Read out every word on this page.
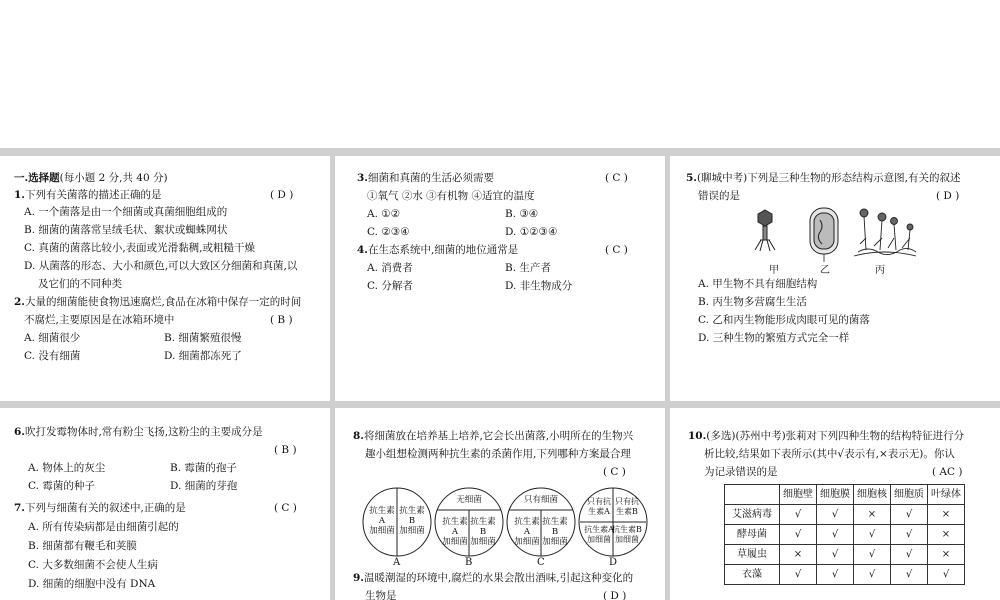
一.选择题(每小题 2 分,共 40 分)
1.下列有关菌落的描述正确的是	( D )
A. 一个菌落是由一个细菌或真菌细胞组成的
B. 细菌的菌落常呈绒毛状、絮状或蜘蛛网状
C. 真菌的菌落比较小,表面或光滑黏稠,或粗糙干燥
D. 从菌落的形态、大小和颜色,可以大致区分细菌和真菌,以
及它们的不同种类
2.大量的细菌能使食物迅速腐烂,食品在冰箱中保存一定的时间
不腐烂,主要原因是在冰箱环境中	( B )
A. 细菌很少	B. 细菌繁殖很慢
C. 没有细菌	D. 细菌都冻死了
3.细菌和真菌的生活必须需要	( C )
①氧气 ②水 ③有机物 ④适宜的温度
A. ①②	B. ③④
C. ②③④	D. ①②③④
4.在生态系统中,细菌的地位通常是	( C )
A. 消费者	B. 生产者
C. 分解者	D. 非生物成分
5.(聊城中考)下列是三种生物的形态结构示意图,有关的叙述
错误的是	( D )
甲	乙	丙
A. 甲生物不具有细胞结构
B. 丙生物多营腐生生活
C. 乙和丙生物能形成肉眼可见的菌落
D. 三种生物的繁殖方式完全一样
6.吹打发霉物体时,常有粉尘飞扬,这粉尘的主要成分是
( B )
A. 物体上的灰尘	B. 霉菌的孢子
C. 霉菌的种子	D. 细菌的芽孢
7.下列与细菌有关的叙述中,正确的是	( C )
A. 所有传染病都是由细菌引起的
B. 细菌都有鞭毛和荚膜
C. 大多数细菌不会使人生病
D. 细菌的细胞中没有 DNA
8.将细菌放在培养基上培养,它会长出菌落,小明所在的生物兴
趣小组想检测两种抗生素的杀菌作用,下列哪种方案最合理
( C )
抗生素
A
加细菌
抗生素
B
加细菌
无细菌
抗生素
A
加细菌
抗生素
B
加细菌
只有细菌
抗生素
A
加细菌
抗生素
B
加细菌
只有抗
生素A
只有抗
生素B
抗生素A
加细菌
抗生素B
加细菌
A	B	C	D
9.温暖潮湿的环境中,腐烂的水果会散出酒味,引起这种变化的
生物是	( D )
10.(多选)(苏州中考)张莉对下列四种生物的结构特征进行分
析比较,结果如下表所示(其中√表示有,×表示无)。你认
为记录错误的是	( AC )
	细胞壁	细胞膜	细胞核	细胞质	叶绿体
艾滋病毒	√	√	×	√	×
酵母菌	√	√	√	√	×
草履虫	×	√	√	√	×
衣藻	√	√	√	√	√
